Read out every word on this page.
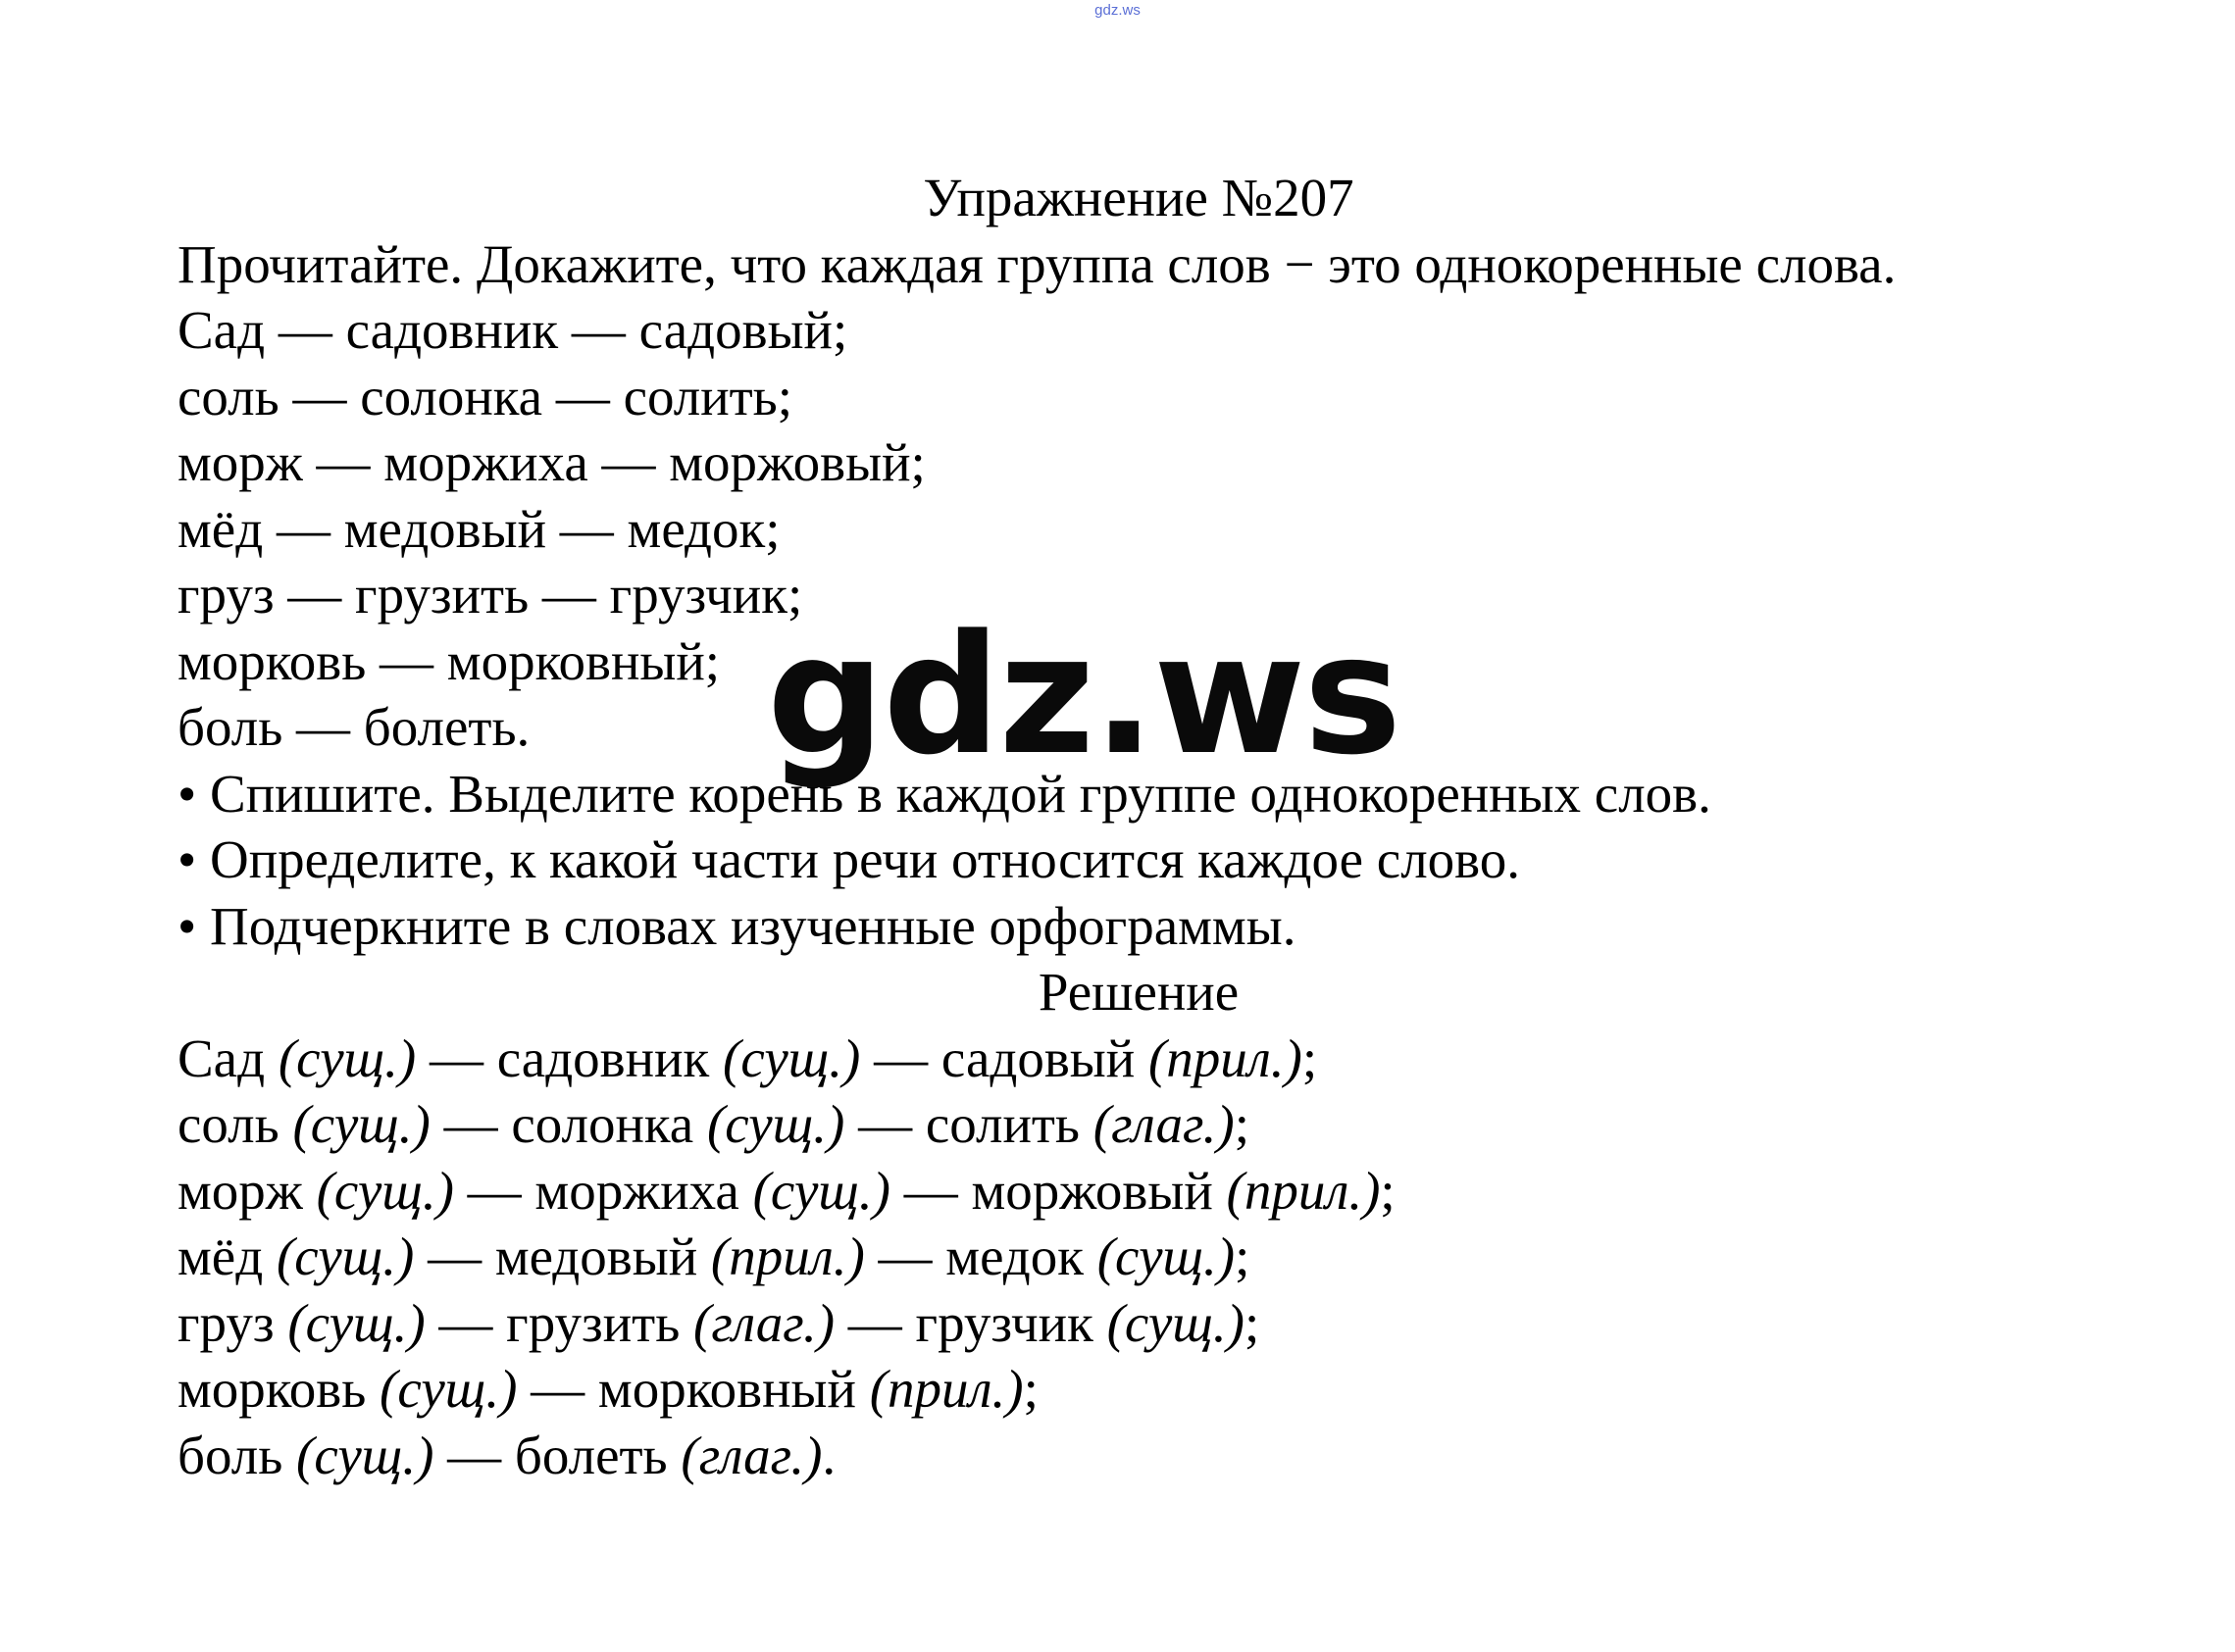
gdz.ws
Упражнение №207
Прочитайте. Докажите, что каждая группа слов − это однокоренные слова.
Сад — садовник — садовый;
соль — солонка — солить;
морж — моржиха — моржовый;
мёд — медовый — медок;
груз — грузить — грузчик;
морковь — морковный;
боль — болеть.
• Спишите. Выделите корень в каждой группе однокоренных слов.
• Определите, к какой части речи относится каждое слово.
• Подчеркните в словах изученные орфограммы.
Решение
Сад (сущ.) — садовник (сущ.) — садовый (прил.);
соль (сущ.) — солонка (сущ.) — солить (глаг.);
морж (сущ.) — моржиха (сущ.) — моржовый (прил.);
мёд (сущ.) — медовый (прил.) — медок (сущ.);
груз (сущ.) — грузить (глаг.) — грузчик (сущ.);
морковь (сущ.) — морковный (прил.);
боль (сущ.) — болеть (глаг.).
gdz.ws
